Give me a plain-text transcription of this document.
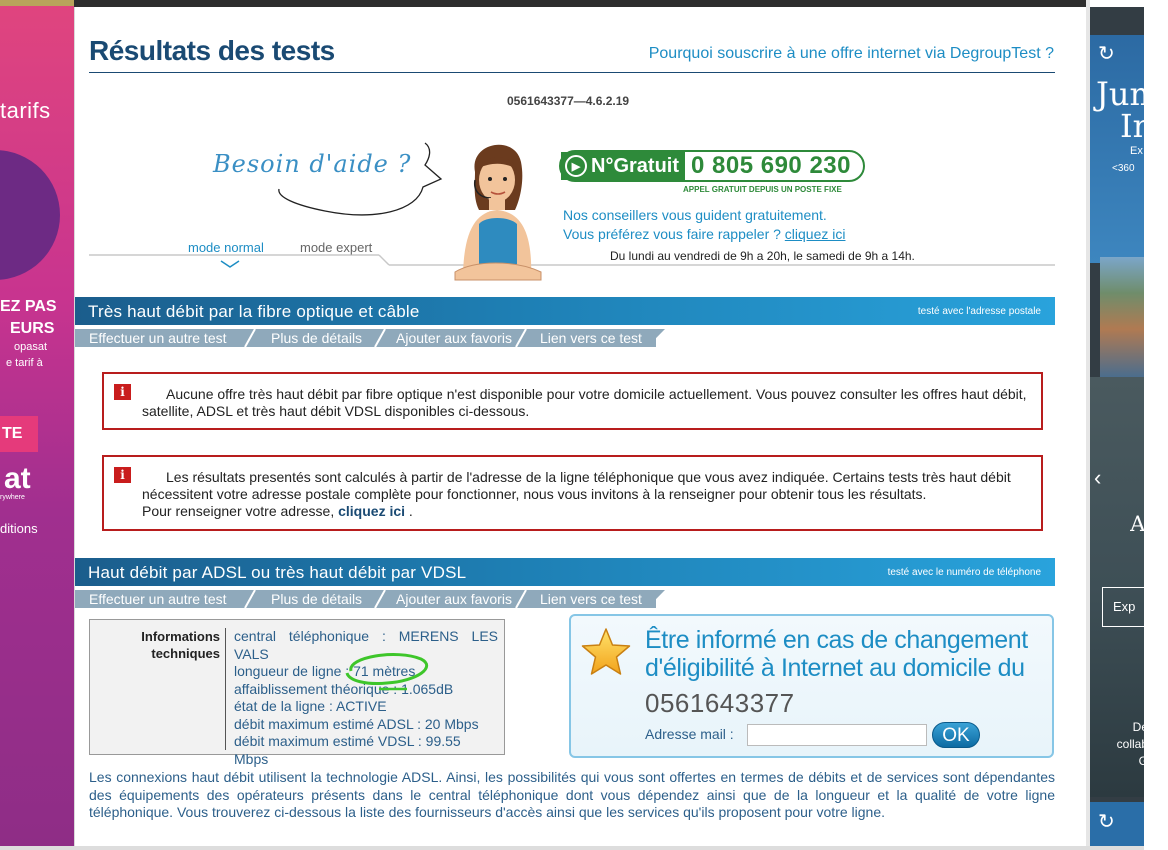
tarifs
EZ PAS
EURS
opasat
e tarif à
TE
at
rywhere
ditions
Résultats des tests	Pourquoi souscrire à une offre internet via DegroupTest ?
0561643377—4.6.2.19
Besoin d'aide ?
mode normal	mode expert
▶ N°Gratuit 0 805 690 230
APPEL GRATUIT DEPUIS UN POSTE FIXE
Nos conseillers vous guident gratuitement.
Vous préférez vous faire rappeler ? cliquez ici
Du lundi au vendredi de 9h a 20h, le samedi de 9h a 14h.
Très haut débit par la fibre optique et câble	testé avec l'adresse postale
Effectuer un autre test	Plus de détails	Ajouter aux favoris	Lien vers ce test
i	Aucune offre très haut débit par fibre optique n'est disponible pour votre domicile actuellement. Vous pouvez consulter les offres haut débit, satellite, ADSL et très haut débit VDSL disponibles ci-dessous.
i	Les résultats presentés sont calculés à partir de l'adresse de la ligne téléphonique que vous avez indiquée. Certains tests très haut débit nécessitent votre adresse postale complète pour fonctionner, nous vous invitons à la renseigner pour obtenir tous les résultats.
Pour renseigner votre adresse, cliquez ici .
Haut débit par ADSL ou très haut débit par VDSL	testé avec le numéro de téléphone
Effectuer un autre test	Plus de détails	Ajouter aux favoris	Lien vers ce test
Informations
techniques
central téléphonique : MERENS LES VALS
longueur de ligne : 71 mètres
affaiblissement théorique : 1.065dB
état de la ligne : ACTIVE
débit maximum estimé ADSL : 20 Mbps
débit maximum estimé VDSL : 99.55 Mbps
Être informé en cas de changement d'éligibilité à Internet au domicile du
0561643377
Adresse mail :	OK

Les connexions haut débit utilisent la technologie ADSL. Ainsi, les possibilités qui vous sont offertes en termes de débits et de services sont dépendantes des équipements des opérateurs présents dans le central téléphonique dont vous dépendez ainsi que de la longueur et la qualité de votre ligne téléphonique. Vous trouverez ci-dessous la liste des fournisseurs d'accès ainsi que les services qu'ils proposent pour votre ligne.

↻
Jum
In
Ex
<360
‹	Ju
H
Aro
W
Exp
De
collab
G
↻
